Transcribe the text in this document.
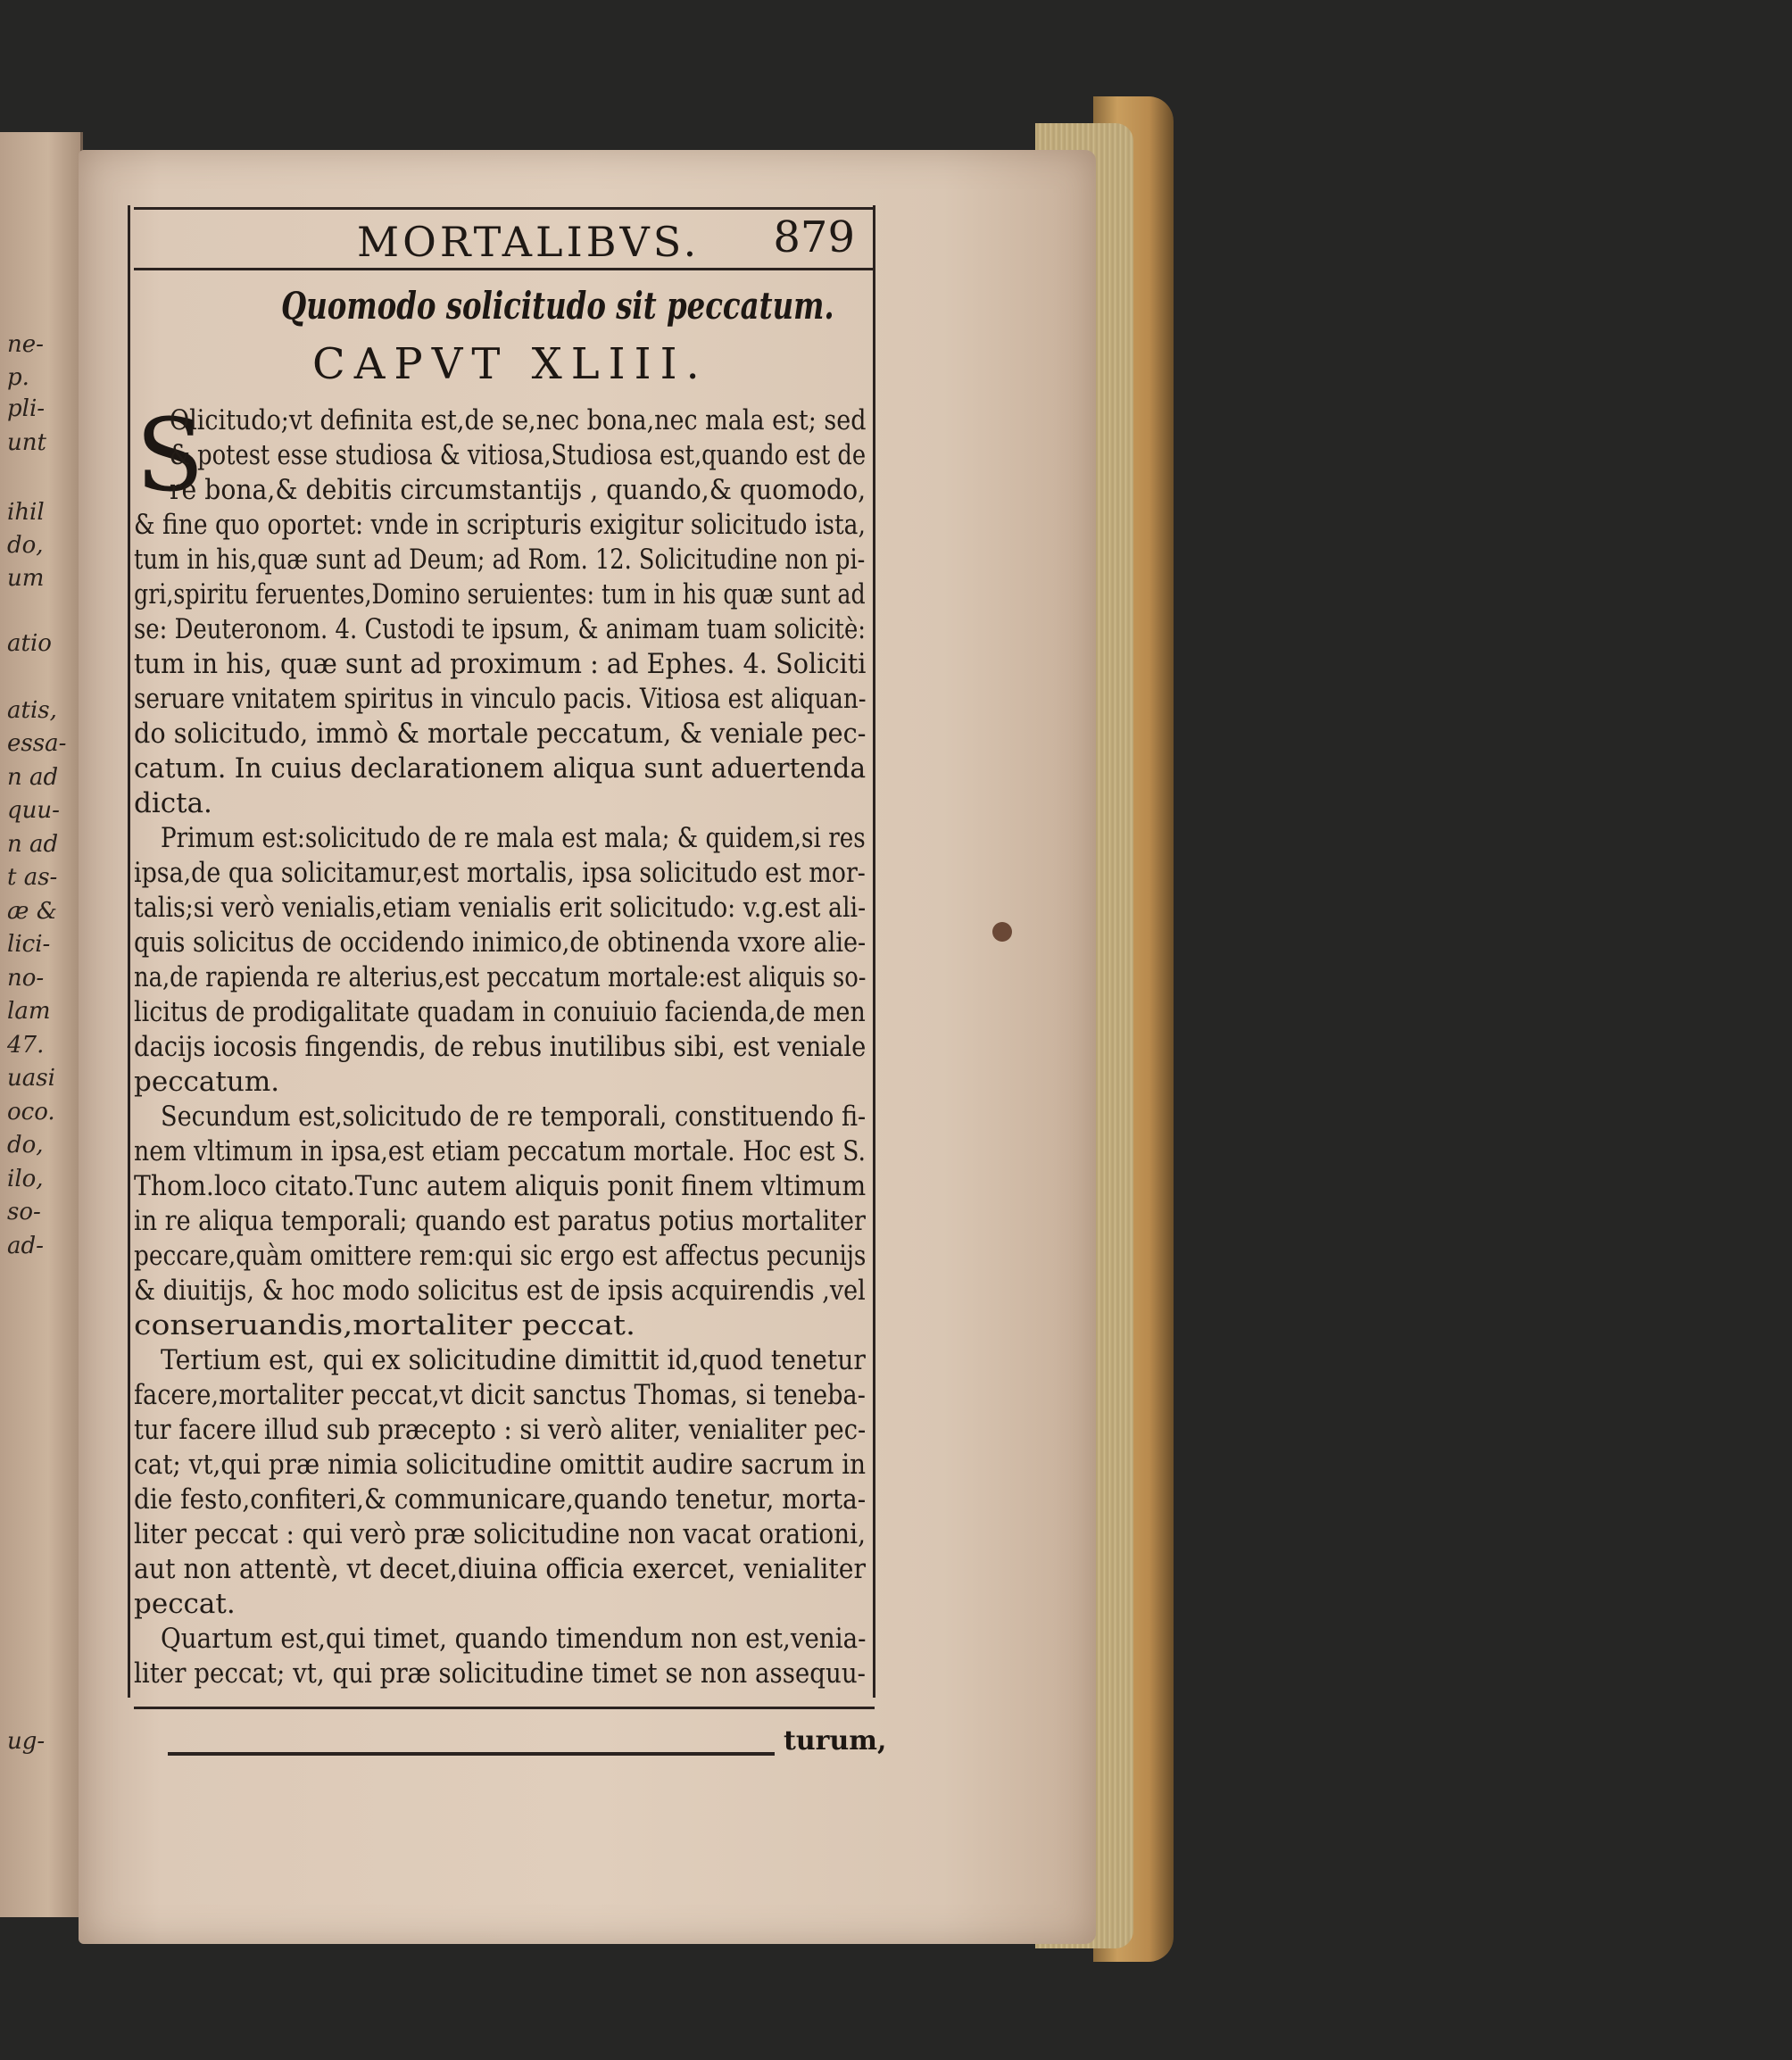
ne-
p.
pli-
unt
ihil
do,
um
atio
atis,
essa-
n ad
quu-
n ad
t as-
æ &
lici-
no-
lam
47.
uasi
oco.
do,
ilo,
so-
ad-
ug-
MORTALIBVS. 879
Quomodo solicitudo sit peccatum.
CAPVT XLIII.
S
Olicitudo;vt definita est,de se,nec bona,nec mala est; sed
& potest esse studiosa & vitiosa,Studiosa est,quando est de
re bona,& debitis circumstantijs , quando,& quomodo,
& fine quo oportet: vnde in scripturis exigitur solicitudo ista,
tum in his,quæ sunt ad Deum; ad Rom. 12. Solicitudine non pi-
gri,spiritu feruentes,Domino seruientes: tum in his quæ sunt ad
se: Deuteronom. 4. Custodi te ipsum, & animam tuam solicitè:
tum in his, quæ sunt ad proximum : ad Ephes. 4. Soliciti
seruare vnitatem spiritus in vinculo pacis. Vitiosa est aliquan-
do solicitudo, immò & mortale peccatum, & veniale pec-
catum. In cuius declarationem aliqua sunt aduertenda
dicta.
Primum est:solicitudo de re mala est mala; & quidem,si res
ipsa,de qua solicitamur,est mortalis, ipsa solicitudo est mor-
talis;si verò venialis,etiam venialis erit solicitudo: v.g.est ali-
quis solicitus de occidendo inimico,de obtinenda vxore alie-
na,de rapienda re alterius,est peccatum mortale:est aliquis so-
licitus de prodigalitate quadam in conuiuio facienda,de men
dacijs iocosis fingendis, de rebus inutilibus sibi, est veniale
peccatum.
Secundum est,solicitudo de re temporali, constituendo fi-
nem vltimum in ipsa,est etiam peccatum mortale. Hoc est S.
Thom.loco citato.Tunc autem aliquis ponit finem vltimum
in re aliqua temporali; quando est paratus potius mortaliter
peccare,quàm omittere rem:qui sic ergo est affectus pecunijs
& diuitijs, & hoc modo solicitus est de ipsis acquirendis ,vel
conseruandis,mortaliter peccat.
Tertium est, qui ex solicitudine dimittit id,quod tenetur
facere,mortaliter peccat,vt dicit sanctus Thomas, si teneba-
tur facere illud sub præcepto : si verò aliter, venialiter pec-
cat; vt,qui præ nimia solicitudine omittit audire sacrum in
die festo,confiteri,& communicare,quando tenetur, morta-
liter peccat : qui verò præ solicitudine non vacat orationi,
aut non attentè, vt decet,diuina officia exercet, venialiter
peccat.
Quartum est,qui timet, quando timendum non est,venia-
liter peccat; vt, qui præ solicitudine timet se non assequu-
turum,
